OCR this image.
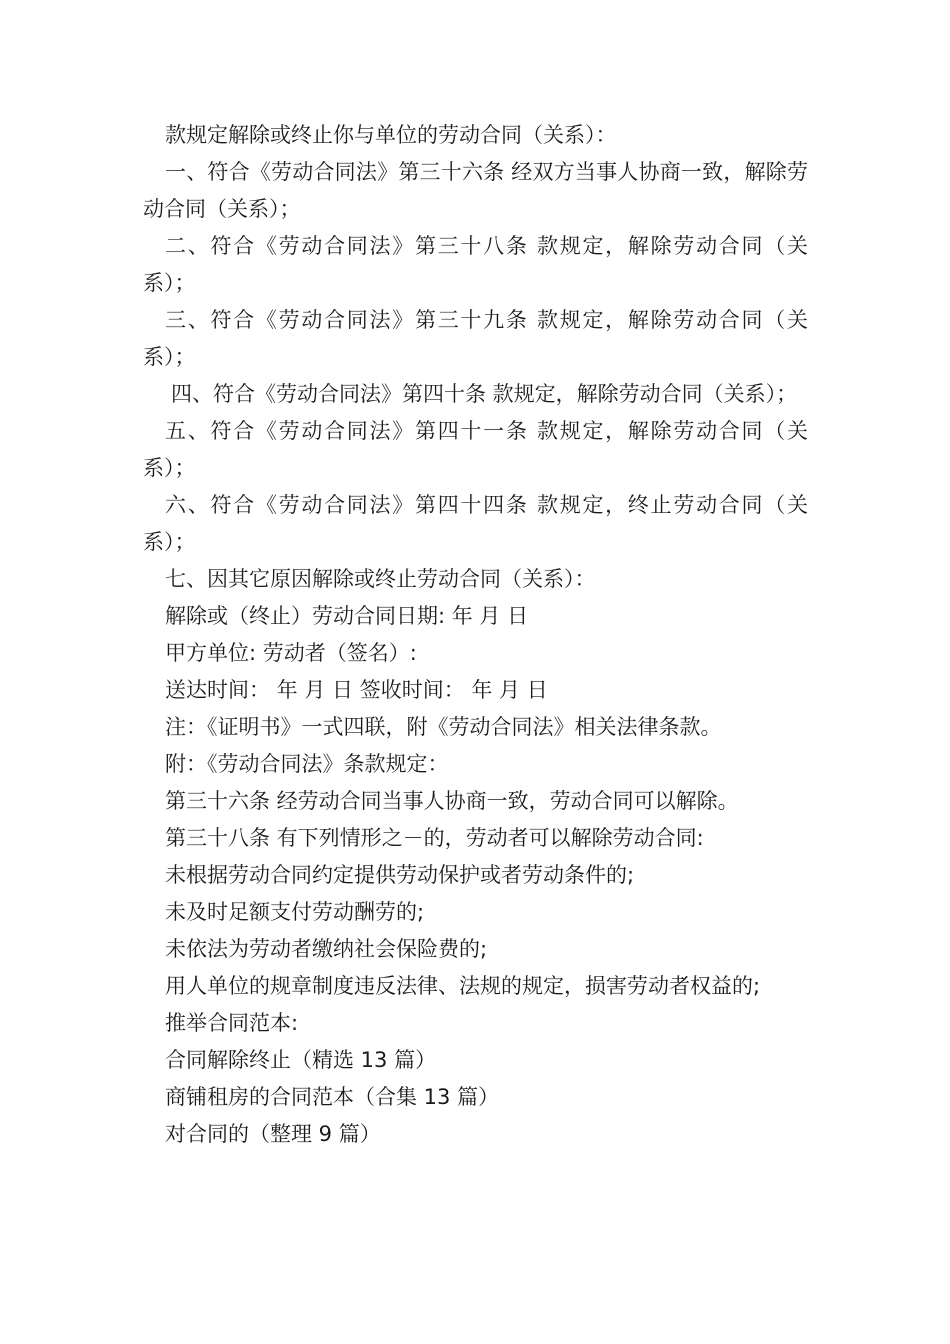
款规定解除或终止你与单位的劳动合同（关系）：

一、符合《劳动合同法》第三十六条 经双方当事人协商一致，解除劳动合同（关系）；

二、符合《劳动合同法》第三十八条 款规定，解除劳动合同（关系）；

三、符合《劳动合同法》第三十九条 款规定，解除劳动合同（关系）；

四、符合《劳动合同法》第四十条 款规定，解除劳动合同（关系）；

五、符合《劳动合同法》第四十一条 款规定，解除劳动合同（关系）；

六、符合《劳动合同法》第四十四条 款规定，终止劳动合同（关系）；

七、因其它原因解除或终止劳动合同（关系）：

解除或（终止）劳动合同日期: 年 月 日

甲方单位: 劳动者（签名）:

送达时间： 年 月 日 签收时间： 年 月 日

注：《证明书》一式四联，附《劳动合同法》相关法律条款。

附：《劳动合同法》条款规定：

第三十六条 经劳动合同当事人协商一致，劳动合同可以解除。

第三十八条 有下列情形之－的，劳动者可以解除劳动合同:

未根据劳动合同约定提供劳动保护或者劳动条件的;

未及时足额支付劳动酬劳的;

未依法为劳动者缴纳社会保险费的;

用人单位的规章制度违反法律、法规的规定，损害劳动者权益的;

推举合同范本:

合同解除终止（精选 13 篇）

商铺租房的合同范本（合集 13 篇）

对合同的（整理 9 篇）
